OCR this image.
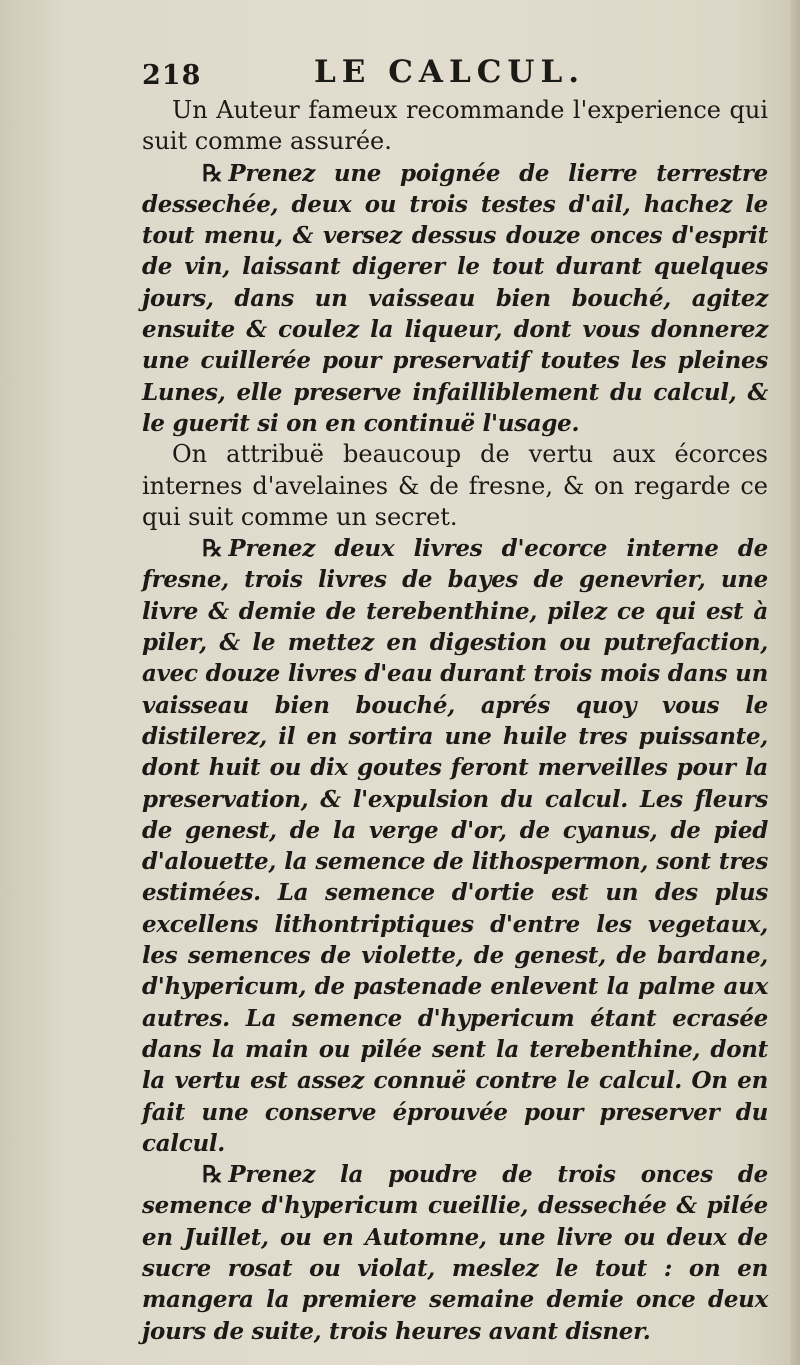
218	LE CALCUL.

Un Auteur fameux recommande l'experience qui suit comme assurée.

℞ Prenez une poignée de lierre terrestre dessechée, deux ou trois testes d'ail, hachez le tout menu, & versez dessus douze onces d'esprit de vin, laissant digerer le tout durant quelques jours, dans un vaisseau bien bouché, agitez ensuite & coulez la liqueur, dont vous donnerez une cuillerée pour preservatif toutes les pleines Lunes, elle preserve infailliblement du calcul, & le guerit si on en continuë l'usage.

On attribuë beaucoup de vertu aux écorces internes d'avelaines & de fresne, & on regarde ce qui suit comme un secret.

℞ Prenez deux livres d'ecorce interne de fresne, trois livres de bayes de genevrier, une livre & demie de terebenthine, pilez ce qui est à piler, & le mettez en digestion ou putrefaction, avec douze livres d'eau durant trois mois dans un vaisseau bien bouché, aprés quoy vous le distilerez, il en sortira une huile tres puissante, dont huit ou dix goutes feront merveilles pour la preservation, & l'expulsion du calcul. Les fleurs de genest, de la verge d'or, de cyanus, de pied d'alouette, la semence de lithospermon, sont tres estimées. La semence d'ortie est un des plus excellens lithontriptiques d'entre les vegetaux, les semences de violette, de genest, de bardane, d'hypericum, de pastenade enlevent la palme aux autres. La semence d'hypericum étant ecrasée dans la main ou pilée sent la terebenthine, dont la vertu est assez connuë contre le calcul. On en fait une conserve éprouvée pour preserver du calcul.

℞ Prenez la poudre de trois onces de semence d'hypericum cueillie, dessechée & pilée en Juillet, ou en Automne, une livre ou deux de sucre rosat ou violat, meslez le tout : on en mangera la premiere semaine demie once deux jours de suite, trois heures avant disner.
